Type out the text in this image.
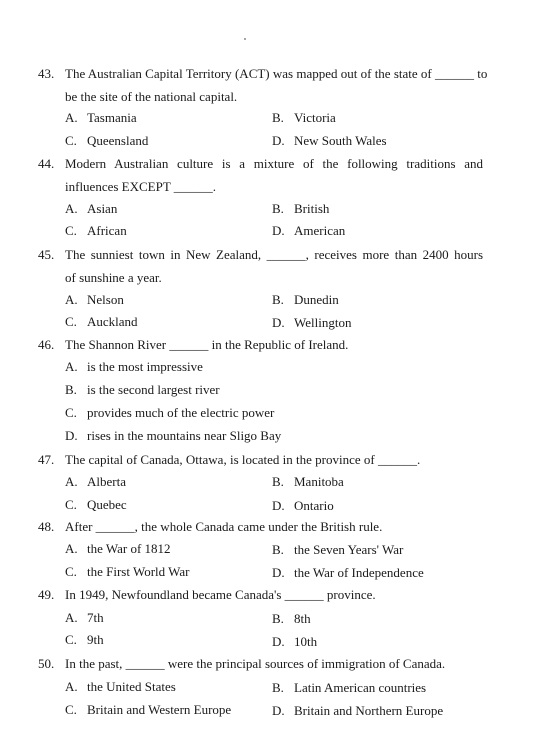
43. The Australian Capital Territory (ACT) was mapped out of the state of ______ to
be the site of the national capital.
A. Tasmania	B. Victoria
C. Queensland	D. New South Wales
44. Modern Australian culture is a mixture of the following traditions and
influences EXCEPT ______.
A. Asian	B. British
C. African	D. American
45. The sunniest town in New Zealand, ______, receives more than 2400 hours
of sunshine a year.
A. Nelson	B. Dunedin
C. Auckland	D. Wellington
46. The Shannon River ______ in the Republic of Ireland.
A. is the most impressive
B. is the second largest river
C. provides much of the electric power
D. rises in the mountains near Sligo Bay
47. The capital of Canada, Ottawa, is located in the province of ______.
A. Alberta	B. Manitoba
C. Quebec	D. Ontario
48. After ______, the whole Canada came under the British rule.
A. the War of 1812	B. the Seven Years' War
C. the First World War	D. the War of Independence
49. In 1949, Newfoundland became Canada's ______ province.
A. 7th	B. 8th
C. 9th	D. 10th
50. In the past, ______ were the principal sources of immigration of Canada.
A. the United States	B. Latin American countries
C. Britain and Western Europe	D. Britain and Northern Europe
